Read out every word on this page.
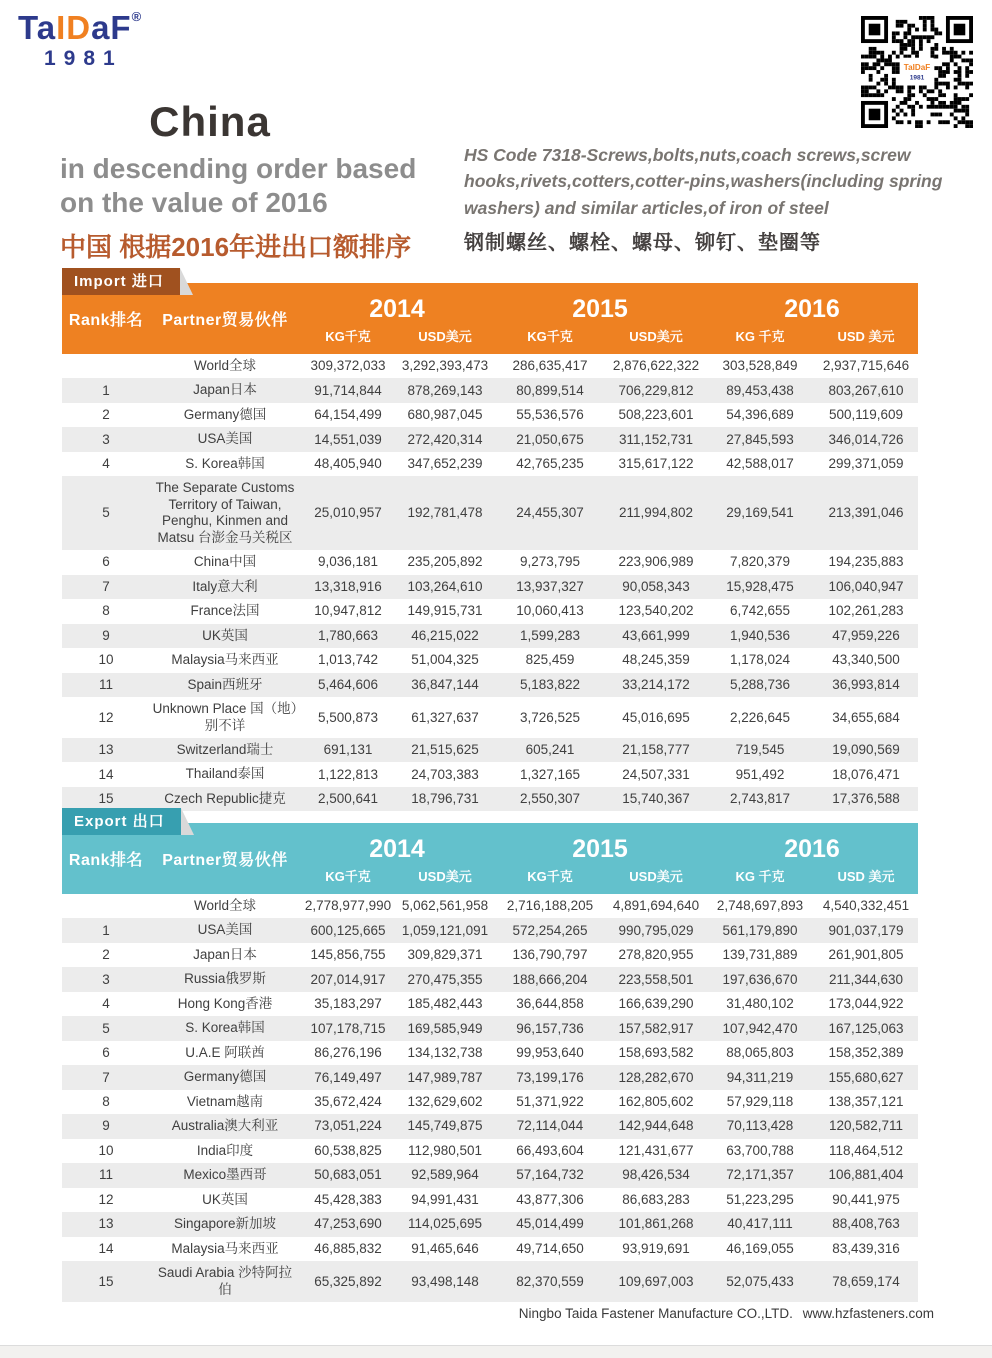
TaIDaF®
1981	TaIDaF
1981
China
in descending order based
on the value of 2016
中国 根据2016年进出口额排序
HS Code 7318-Screws,bolts,nuts,coach screws,screw hooks,rivets,cotters,cotter-pins,washers(including spring washers) and similar articles,of iron of steel
钢制螺丝、螺栓、螺母、铆钉、垫圈等
Import 进口
Rank排名	Partner贸易伙伴	2014		2015		2016	
		KG千克	USD美元	KG千克	USD美元	KG 千克	USD 美元
	World全球	309,372,033	3,292,393,473	286,635,417	2,876,622,322	303,528,849	2,937,715,646
1	Japan日本	91,714,844	878,269,143	80,899,514	706,229,812	89,453,438	803,267,610
2	Germany德国	64,154,499	680,987,045	55,536,576	508,223,601	54,396,689	500,119,609
3	USA美国	14,551,039	272,420,314	21,050,675	311,152,731	27,845,593	346,014,726
4	S. Korea韩国	48,405,940	347,652,239	42,765,235	315,617,122	42,588,017	299,371,059
5	The Separate Customs Territory of Taiwan, Penghu, Kinmen and Matsu 台澎金马关税区	25,010,957	192,781,478	24,455,307	211,994,802	29,169,541	213,391,046
6	China中国	9,036,181	235,205,892	9,273,795	223,906,989	7,820,379	194,235,883
7	Italy意大利	13,318,916	103,264,610	13,937,327	90,058,343	15,928,475	106,040,947
8	France法国	10,947,812	149,915,731	10,060,413	123,540,202	6,742,655	102,261,283
9	UK英国	1,780,663	46,215,022	1,599,283	43,661,999	1,940,536	47,959,226
10	Malaysia马来西亚	1,013,742	51,004,325	825,459	48,245,359	1,178,024	43,340,500
11	Spain西班牙	5,464,606	36,847,144	5,183,822	33,214,172	5,288,736	36,993,814
12	Unknown Place 国（地）别不详	5,500,873	61,327,637	3,726,525	45,016,695	2,226,645	34,655,684
13	Switzerland瑞士	691,131	21,515,625	605,241	21,158,777	719,545	19,090,569
14	Thailand泰国	1,122,813	24,703,383	1,327,165	24,507,331	951,492	18,076,471
15	Czech Republic捷克	2,500,641	18,796,731	2,550,307	15,740,367	2,743,817	17,376,588
Export 出口
Rank排名	Partner贸易伙伴	2014		2015		2016	
		KG千克	USD美元	KG千克	USD美元	KG 千克	USD 美元
	World全球	2,778,977,990	5,062,561,958	2,716,188,205	4,891,694,640	2,748,697,893	4,540,332,451
1	USA美国	600,125,665	1,059,121,091	572,254,265	990,795,029	561,179,890	901,037,179
2	Japan日本	145,856,755	309,829,371	136,790,797	278,820,955	139,731,889	261,901,805
3	Russia俄罗斯	207,014,917	270,475,355	188,666,204	223,558,501	197,636,670	211,344,630
4	Hong Kong香港	35,183,297	185,482,443	36,644,858	166,639,290	31,480,102	173,044,922
5	S. Korea韩国	107,178,715	169,585,949	96,157,736	157,582,917	107,942,470	167,125,063
6	U.A.E 阿联酋	86,276,196	134,132,738	99,953,640	158,693,582	88,065,803	158,352,389
7	Germany德国	76,149,497	147,989,787	73,199,176	128,282,670	94,311,219	155,680,627
8	Vietnam越南	35,672,424	132,629,602	51,371,922	162,805,602	57,929,118	138,357,121
9	Australia澳大利亚	73,051,224	145,749,875	72,114,044	142,944,648	70,113,428	120,582,711
10	India印度	60,538,825	112,980,501	66,493,604	121,431,677	63,700,788	118,464,512
11	Mexico墨西哥	50,683,051	92,589,964	57,164,732	98,426,534	72,171,357	106,881,404
12	UK英国	45,428,383	94,991,431	43,877,306	86,683,283	51,223,295	90,441,975
13	Singapore新加坡	47,253,690	114,025,695	45,014,499	101,861,268	40,417,111	88,408,763
14	Malaysia马来西亚	46,885,832	91,465,646	49,714,650	93,919,691	46,169,055	83,439,316
15	Saudi Arabia 沙特阿拉伯	65,325,892	93,498,148	82,370,559	109,697,003	52,075,433	78,659,174
Ningbo Taida Fastener Manufacture CO.,LTD. www.hzfasteners.com
